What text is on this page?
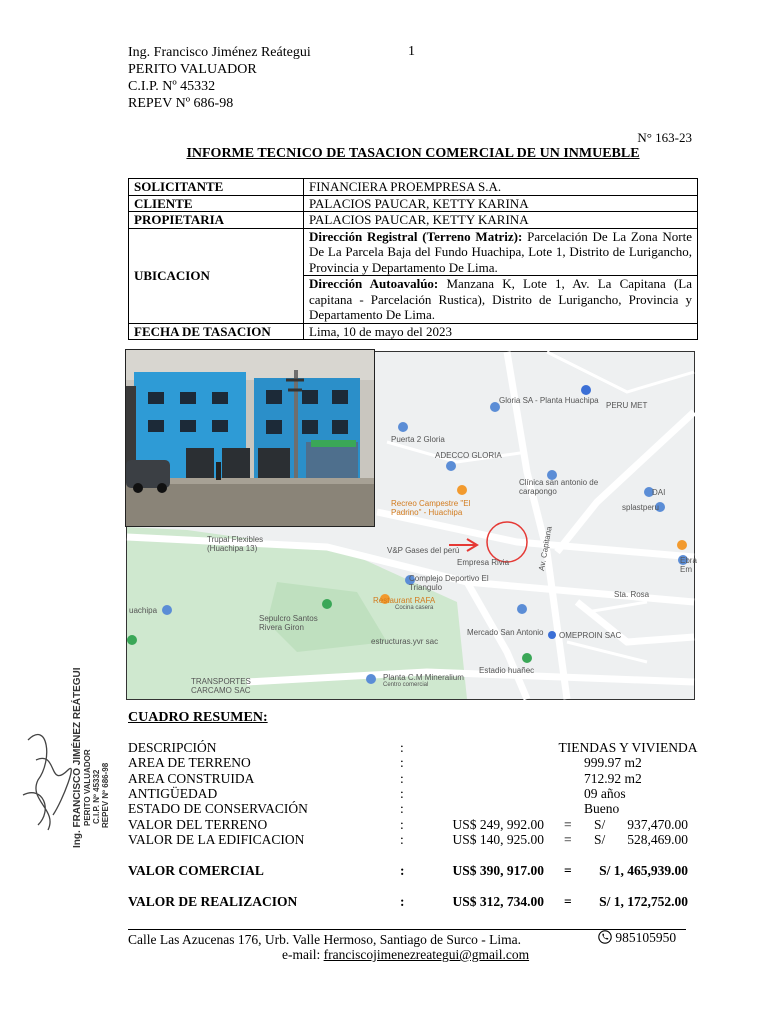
Ing. Francisco Jiménez Reátegui
PERITO VALUADOR
C.I.P. Nº 45332
REPEV Nº 686-98
1
N° 163-23
INFORME TECNICO DE TASACION COMERCIAL DE UN INMUEBLE
SOLICITANTE	FINANCIERA PROEMPRESA S.A.
CLIENTE	PALACIOS PAUCAR, KETTY KARINA
PROPIETARIA	PALACIOS PAUCAR, KETTY KARINA
UBICACION	Dirección Registral (Terreno Matriz): Parcelación De La Zona Norte De La Parcela Baja del Fundo Huachipa, Lote 1, Distrito de Lurigancho, Provincia y Departamento De Lima.
	Dirección Autoavalúo: Manzana K, Lote 1, Av. La Capitana (La capitana - Parcelación Rustica), Distrito de Lurigancho, Provincia y Departamento De Lima.
FECHA DE TASACION	Lima, 10 de mayo del 2023
Gloria SA - Planta Huachipa
PERU MET
Puerta 2 Gloria
ADECCO GLORIA
Clínica san antonio de carapongo
Recreo Campestre "El Padrino" - Huachipa
DAI
splastperu
Trupal Flexibles (Huachipa 13)	V&P Gases del perú
Empresa Rivia	Av. Capitana
Complejo Deportivo El Triangulo
uachipa
Sepulcro Santos Rivera Giron
Restaurant RAFA
Cocina casera
Sta. Rosa
Mercado San Antonio
estructuras.yvr sac
OMEPROIN SAC
Estadio huañec
TRANSPORTES CARCAMO SAC
Planta C.M Mineralium
Centro comercial
Ebra
Em
Ing. FRANCISCO JIMÉNEZ REÁTEGUI PERITO VALUADOR C.I.P. Nº 45332 REPEV Nº 686-98
CUADRO RESUMEN:
DESCRIPCIÓN	:	TIENDAS Y VIVIENDA
AREA DE TERRENO	:	999.97 m2
AREA CONSTRUIDA	:	712.92 m2
ANTIGÜEDAD	:	09 años
ESTADO DE CONSERVACIÓN	:	Bueno
VALOR DEL TERRENO	:	US$ 249, 992.00 = S/ 937,470.00
VALOR DE LA EDIFICACION	:	US$ 140, 925.00 = S/ 528,469.00
VALOR COMERCIAL	:	US$ 390, 917.00 = S/ 1, 465,939.00
VALOR DE REALIZACION	:	US$ 312, 734.00 = S/ 1, 172,752.00
Calle Las Azucenas 176, Urb. Valle Hermoso, Santiago de Surco - Lima.	985105950
e-mail: franciscojimenezreategui@gmail.com
